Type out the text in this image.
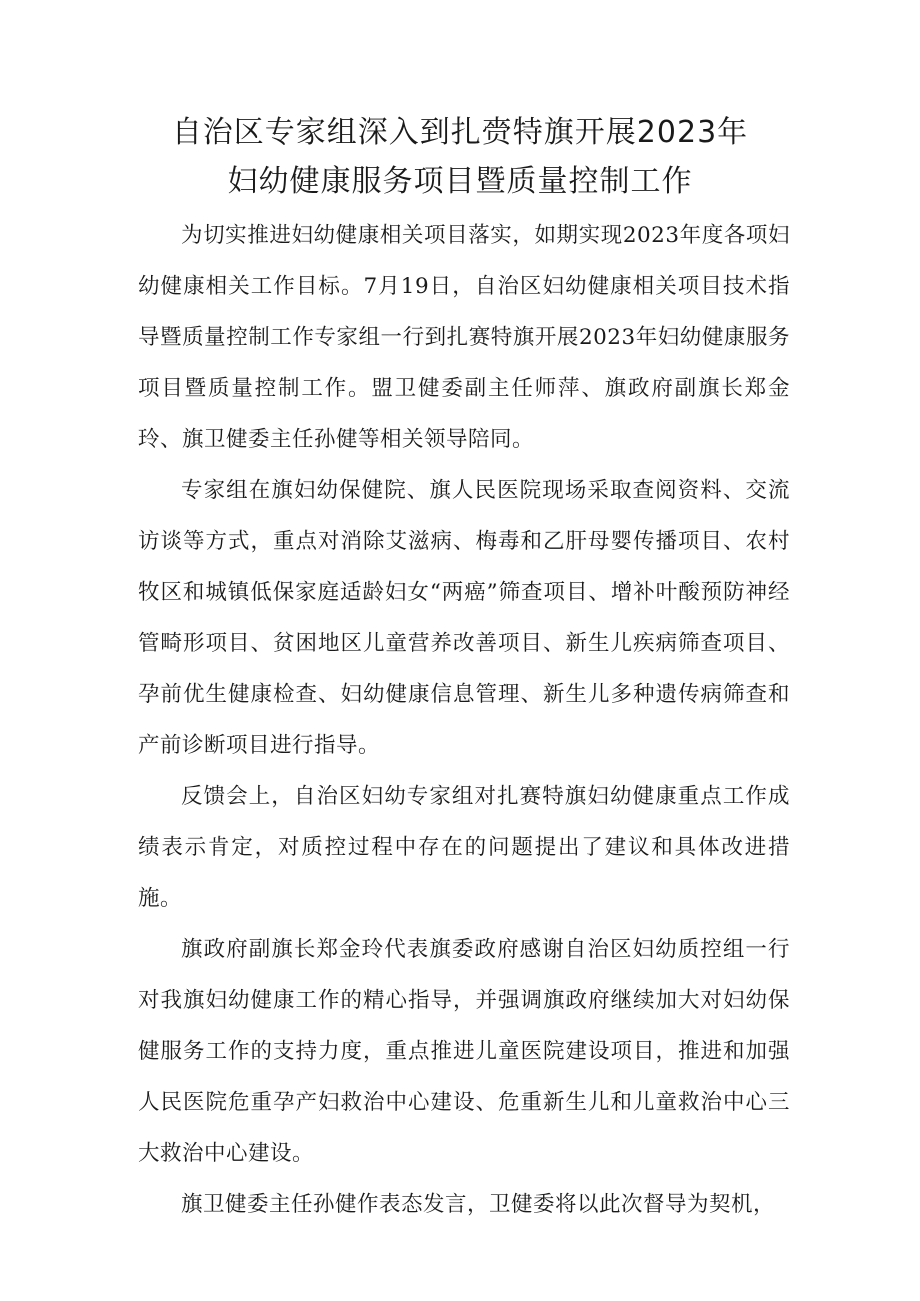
自治区专家组深入到扎赍特旗开展2023年
妇幼健康服务项目暨质量控制工作

为切实推进妇幼健康相关项目落实，如期实现2023年度各项妇幼健康相关工作目标。7月19日，自治区妇幼健康相关项目技术指导暨质量控制工作专家组一行到扎赛特旗开展2023年妇幼健康服务项目暨质量控制工作。盟卫健委副主任师萍、旗政府副旗长郑金玲、旗卫健委主任孙健等相关领导陪同。

专家组在旗妇幼保健院、旗人民医院现场采取查阅资料、交流访谈等方式，重点对消除艾滋病、梅毒和乙肝母婴传播项目、农村牧区和城镇低保家庭适龄妇女“两癌”筛查项目、增补叶酸预防神经管畸形项目、贫困地区儿童营养改善项目、新生儿疾病筛查项目、孕前优生健康检查、妇幼健康信息管理、新生儿多种遗传病筛查和产前诊断项目进行指导。

反馈会上，自治区妇幼专家组对扎赛特旗妇幼健康重点工作成绩表示肯定，对质控过程中存在的问题提出了建议和具体改进措施。

旗政府副旗长郑金玲代表旗委政府感谢自治区妇幼质控组一行对我旗妇幼健康工作的精心指导，并强调旗政府继续加大对妇幼保健服务工作的支持力度，重点推进儿童医院建设项目，推进和加强人民医院危重孕产妇救治中心建设、危重新生儿和儿童救治中心三大救治中心建设。

旗卫健委主任孙健作表态发言，卫健委将以此次督导为契机，
